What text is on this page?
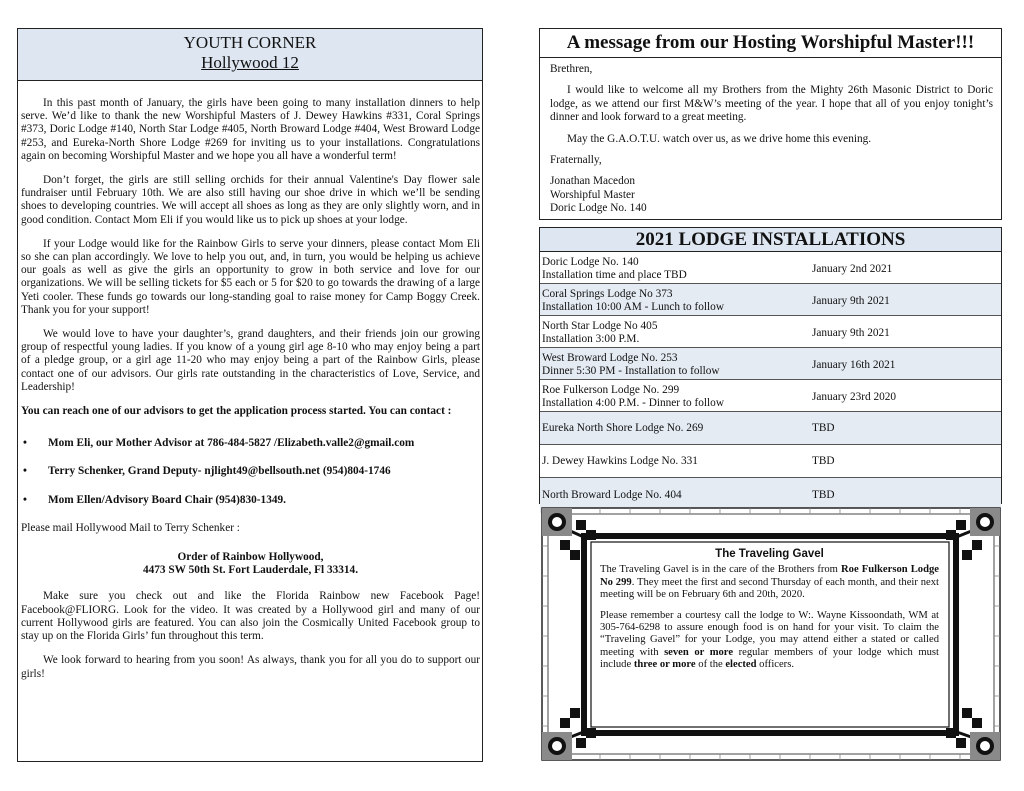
YOUTH CORNER
Hollywood 12

In this past month of January, the girls have been going to many installation dinners to help serve. We’d like to thank the new Worshipful Masters of J. Dewey Hawkins #331, Coral Springs #373, Doric Lodge #140, North Star Lodge #405, North Broward Lodge #404, West Broward Lodge #253, and Eureka-North Shore Lodge #269 for inviting us to your installations. Congratulations again on becoming Worshipful Master and we hope you all have a wonderful term!

Don’t forget, the girls are still selling orchids for their annual Valentine's Day flower sale fundraiser until February 10th. We are also still having our shoe drive in which we’ll be sending shoes to developing countries. We will accept all shoes as long as they are only slightly worn, and in good condition. Contact Mom Eli if you would like us to pick up shoes at your lodge.

If your Lodge would like for the Rainbow Girls to serve your dinners, please contact Mom Eli so she can plan accordingly. We love to help you out, and, in turn, you would be helping us achieve our goals as well as give the girls an opportunity to grow in both service and love for our organizations. We will be selling tickets for $5 each or 5 for $20 to go towards the drawing of a large Yeti cooler. These funds go towards our long-standing goal to raise money for Camp Boggy Creek. Thank you for your support!

We would love to have your daughter’s, grand daughters, and their friends join our growing group of respectful young ladies. If you know of a young girl age 8-10 who may enjoy being a part of a pledge group, or a girl age 11-20 who may enjoy being a part of the Rainbow Girls, please contact one of our advisors. Our girls rate outstanding in the characteristics of Love, Service, and Leadership!

You can reach one of our advisors to get the application process started. You can contact :

•	Mom Eli, our Mother Advisor at 786-484-5827 /Elizabeth.valle2@gmail.com
•	Terry Schenker, Grand Deputy- njlight49@bellsouth.net (954)804-1746
•	Mom Ellen/Advisory Board Chair (954)830-1349.

Please mail Hollywood Mail to Terry Schenker :

Order of Rainbow Hollywood,
4473 SW 50th St. Fort Lauderdale, Fl 33314.

Make sure you check out and like the Florida Rainbow new Facebook Page! Facebook@FLIORG. Look for the video. It was created by a Hollywood girl and many of our current Hollywood girls are featured. You can also join the Cosmically United Facebook group to stay up on the Florida Girls’ fun throughout this term.

We look forward to hearing from you soon! As always, thank you for all you do to support our girls!

A message from our Hosting Worshipful Master!!!

Brethren,

I would like to welcome all my Brothers from the Mighty 26th Masonic District to Doric lodge, as we attend our first M&W’s meeting of the year. I hope that all of you enjoy tonight’s dinner and look forward to a great meeting.

May the G.A.O.T.U. watch over us, as we drive home this evening.

Fraternally,

Jonathan Macedon
Worshipful Master
Doric Lodge No. 140
2021 LODGE INSTALLATIONS
Doric Lodge No. 140
Installation time and place TBD	January 2nd 2021
Coral Springs Lodge No 373
Installation 10:00 AM - Lunch to follow	January 9th 2021
North Star Lodge No 405
Installation 3:00 P.M.	January 9th 2021
West Broward Lodge No. 253
Dinner 5:30 PM - Installation to follow	January 16th 2021
Roe Fulkerson Lodge No. 299
Installation 4:00 P.M. - Dinner to follow	January 23rd 2020
Eureka North Shore Lodge No. 269	TBD
J. Dewey Hawkins Lodge No. 331	TBD
North Broward Lodge No. 404	TBD
The Traveling Gavel

The Traveling Gavel is in the care of the Brothers from Roe Fulkerson Lodge No 299. They meet the first and second Thursday of each month, and their next meeting will be on February 6th and 20th, 2020.

Please remember a courtesy call the lodge to W:. Wayne Kissoondath, WM at 305-764-6298 to assure enough food is on hand for your visit. To claim the “Traveling Gavel” for your Lodge, you may attend either a stated or called meeting with seven or more regular members of your lodge which must include three or more of the elected officers.
